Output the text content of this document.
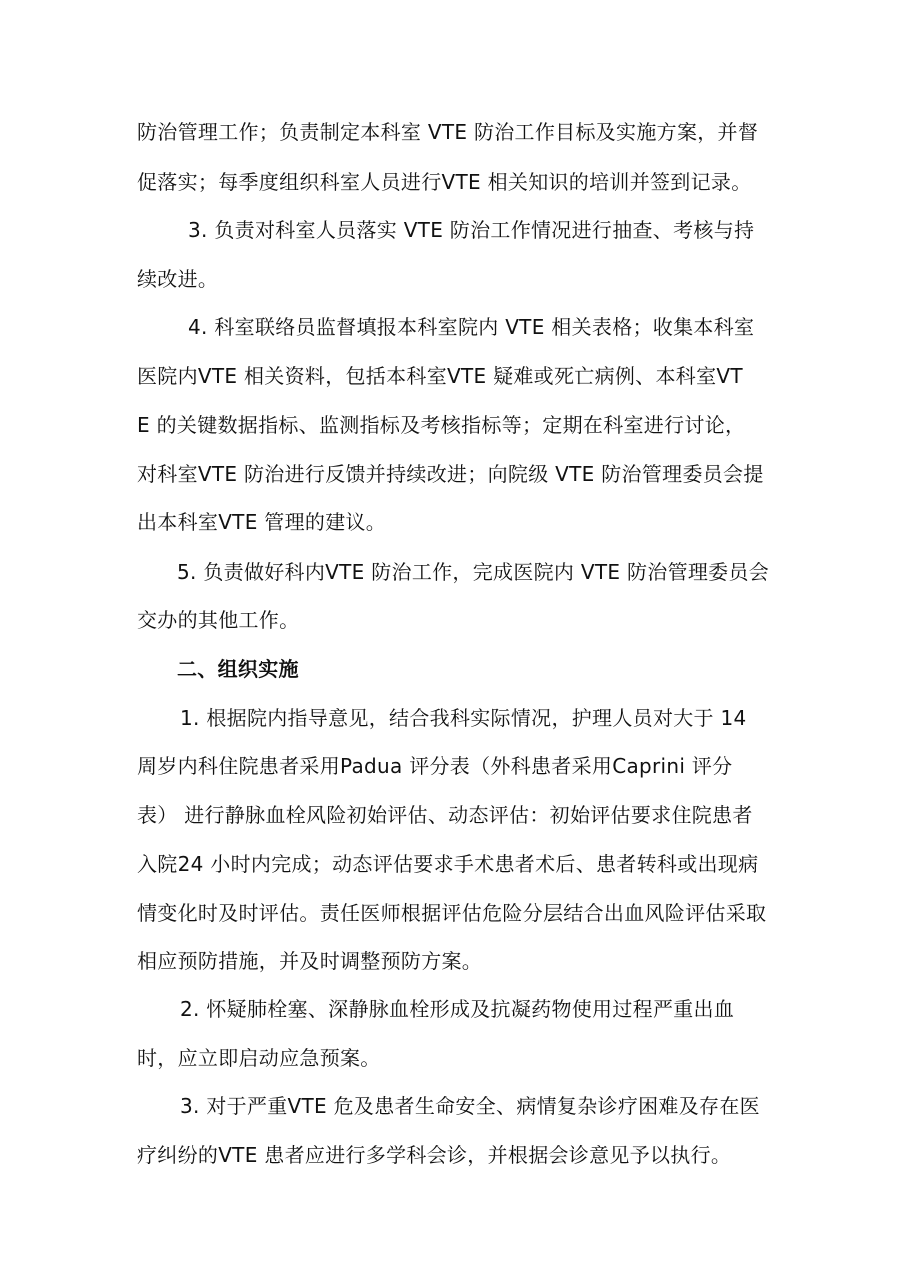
防治管理工作；负责制定本科室 VTE 防治工作目标及实施方案，并督
促落实；每季度组织科室人员进行VTE 相关知识的培训并签到记录。
3. 负责对科室人员落实 VTE 防治工作情况进行抽查、考核与持
续改进。
4. 科室联络员监督填报本科室院内 VTE 相关表格；收集本科室
医院内VTE 相关资料，包括本科室VTE 疑难或死亡病例、本科室VT
E 的关键数据指标、监测指标及考核指标等；定期在科室进行讨论，
对科室VTE 防治进行反馈并持续改进；向院级 VTE 防治管理委员会提
出本科室VTE 管理的建议。
5. 负责做好科内VTE 防治工作，完成医院内 VTE 防治管理委员会
交办的其他工作。
二、组织实施
1. 根据院内指导意见，结合我科实际情况，护理人员对大于 14
周岁内科住院患者采用Padua 评分表（外科患者采用Caprini 评分
表） 进行静脉血栓风险初始评估、动态评估：初始评估要求住院患者
入院24 小时内完成；动态评估要求手术患者术后、患者转科或出现病
情变化时及时评估。责任医师根据评估危险分层结合出血风险评估采取
相应预防措施，并及时调整预防方案。
2. 怀疑肺栓塞、深静脉血栓形成及抗凝药物使用过程严重出血
时，应立即启动应急预案。
3. 对于严重VTE 危及患者生命安全、病情复杂诊疗困难及存在医
疗纠纷的VTE 患者应进行多学科会诊，并根据会诊意见予以执行。
